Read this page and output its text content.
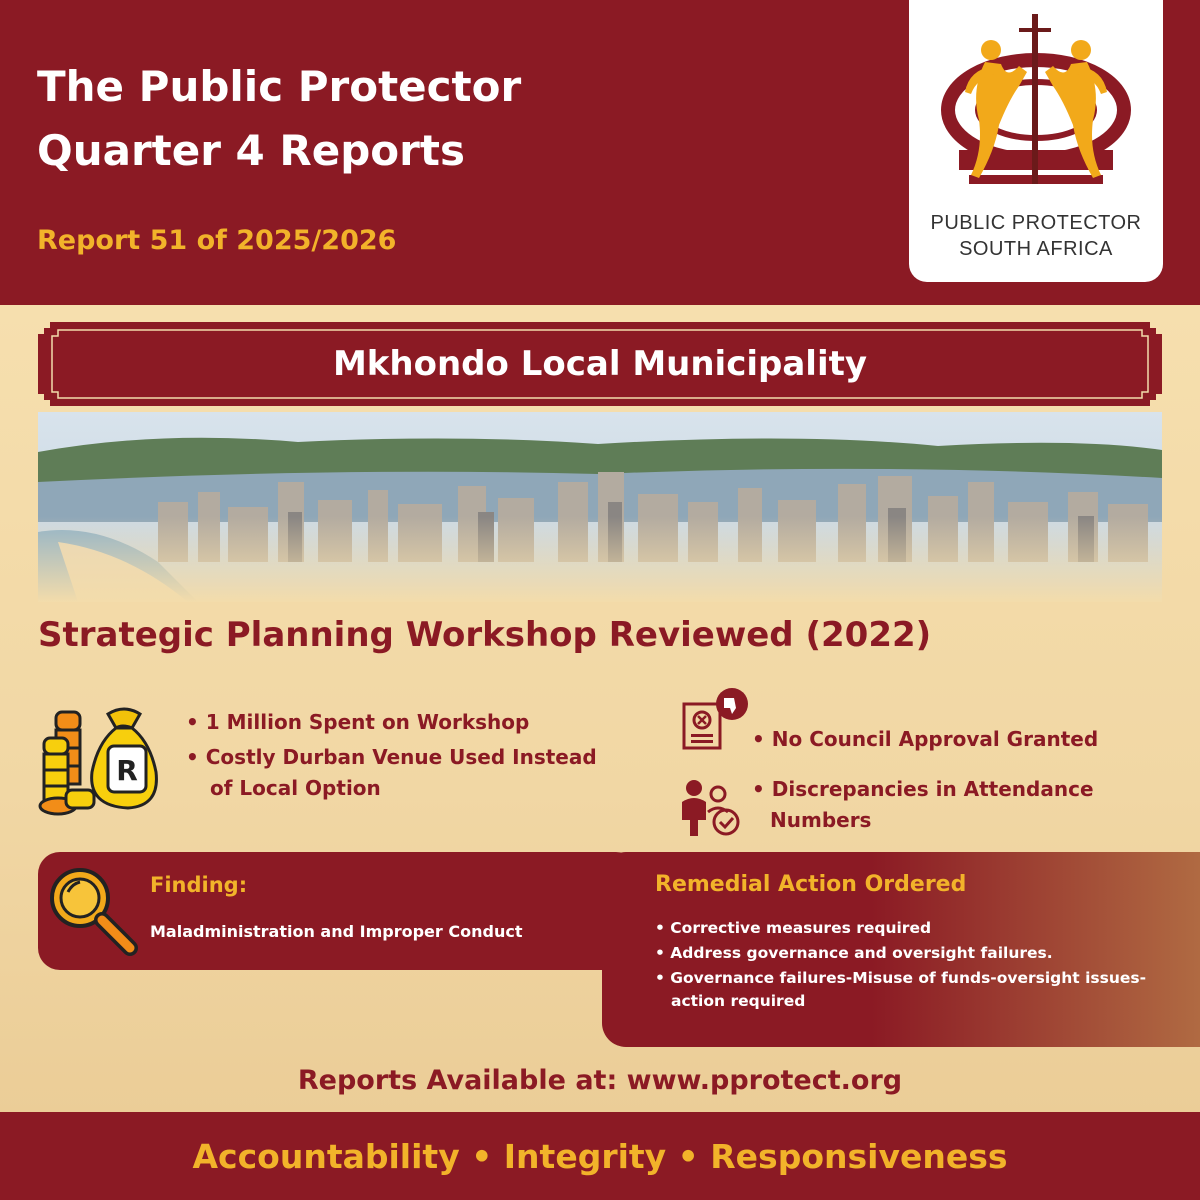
The Public Protector
Quarter 4 Reports
Report 51 of 2025/2026
PUBLIC PROTECTOR
SOUTH AFRICA
Mkhondo Local Municipality
Strategic Planning Workshop Reviewed (2022)
R
• 1 Million Spent on Workshop
• Costly Durban Venue Used Instead
of Local Option
• No Council Approval Granted
• Discrepancies in Attendance
Numbers
Finding:
Maladministration and Improper Conduct
Remedial Action Ordered
• Corrective measures required
• Address governance and oversight failures.
• Governance failures-Misuse of funds-oversight issues-action required
Reports Available at: www.pprotect.org
Accountability • Integrity • Responsiveness
